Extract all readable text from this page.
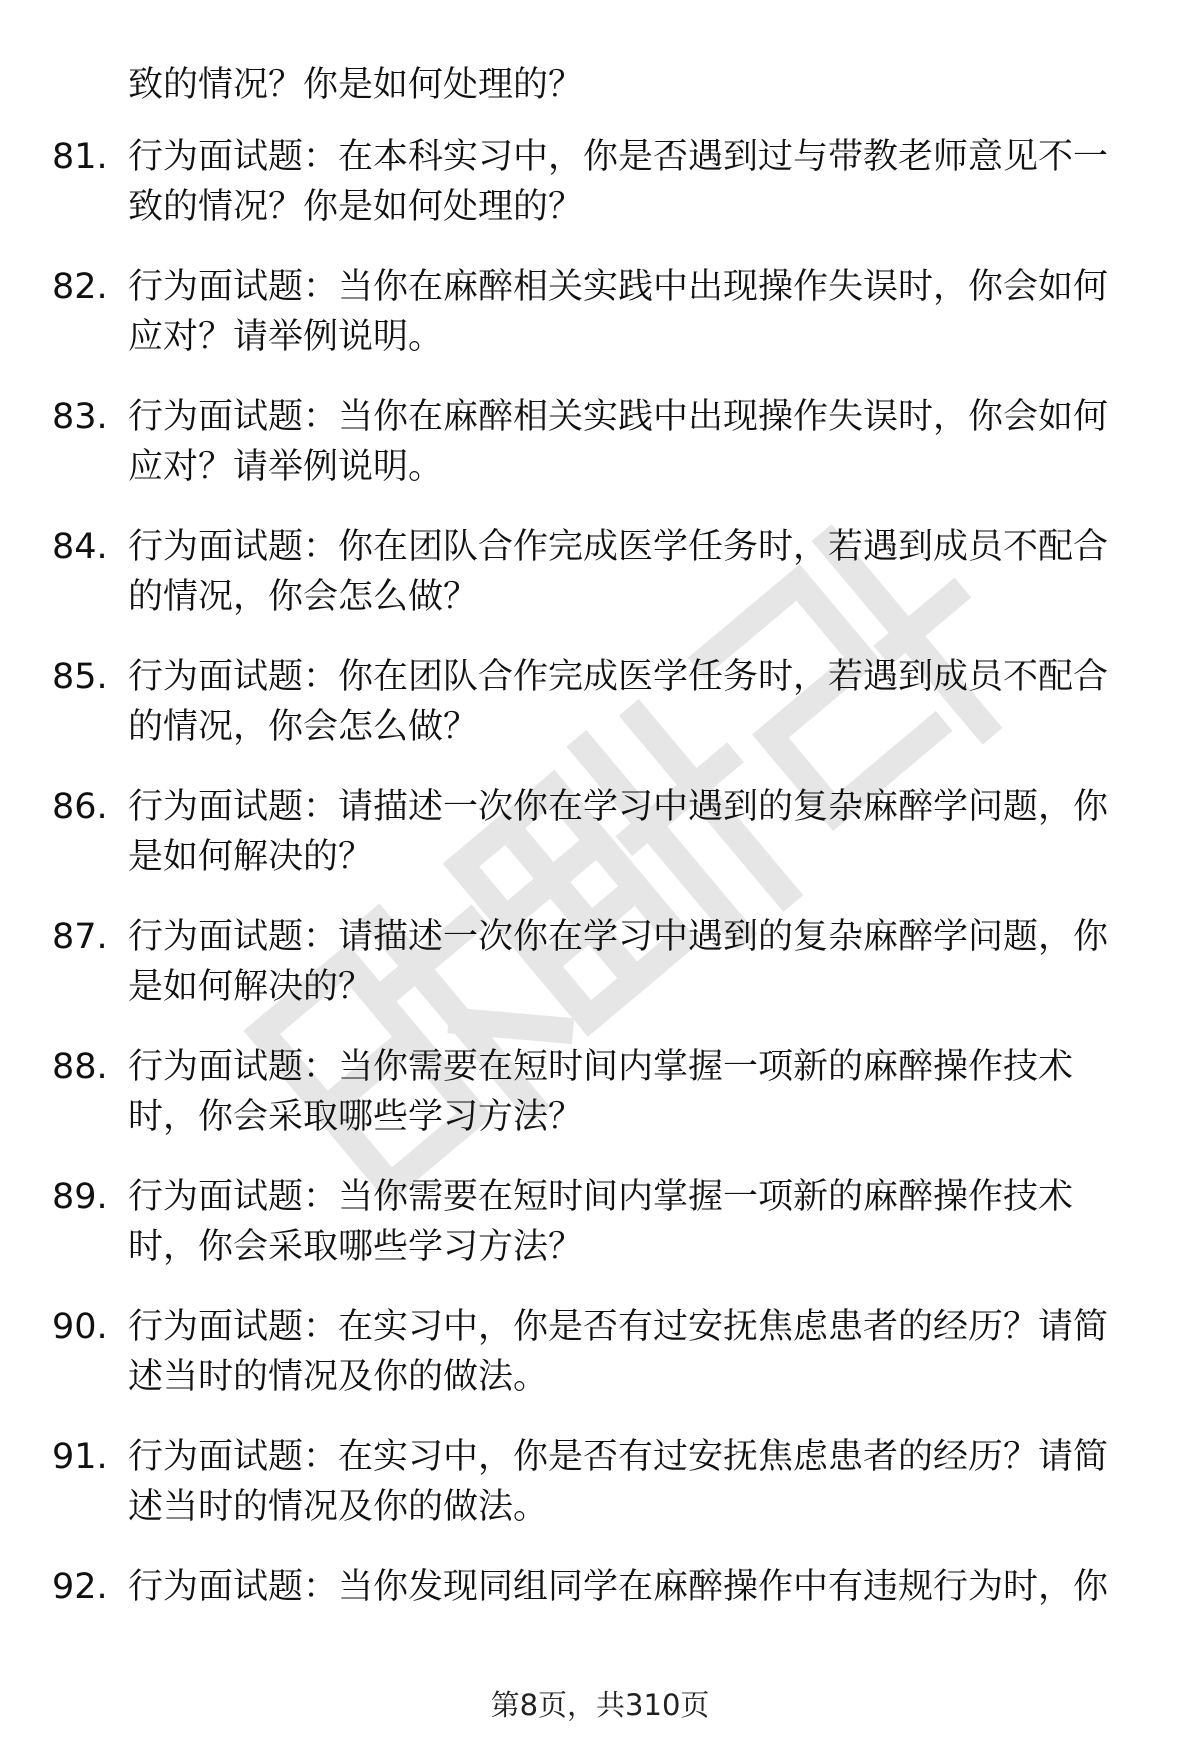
致的情况？你是如何处理的？
81. 行为面试题：在本科实习中，你是否遇到过与带教老师意见不一
致的情况？你是如何处理的？
82. 行为面试题：当你在麻醉相关实践中出现操作失误时，你会如何
应对？请举例说明。
83. 行为面试题：当你在麻醉相关实践中出现操作失误时，你会如何
应对？请举例说明。
84. 行为面试题：你在团队合作完成医学任务时，若遇到成员不配合
的情况，你会怎么做？
85. 行为面试题：你在团队合作完成医学任务时，若遇到成员不配合
的情况，你会怎么做？
86. 行为面试题：请描述一次你在学习中遇到的复杂麻醉学问题，你
是如何解决的？
87. 行为面试题：请描述一次你在学习中遇到的复杂麻醉学问题，你
是如何解决的？
88. 行为面试题：当你需要在短时间内掌握一项新的麻醉操作技术
时，你会采取哪些学习方法？
89. 行为面试题：当你需要在短时间内掌握一项新的麻醉操作技术
时，你会采取哪些学习方法？
90. 行为面试题：在实习中，你是否有过安抚焦虑患者的经历？请简
述当时的情况及你的做法。
91. 行为面试题：在实习中，你是否有过安抚焦虑患者的经历？请简
述当时的情况及你的做法。
92. 行为面试题：当你发现同组同学在麻醉操作中有违规行为时，你
第8页，共310页
